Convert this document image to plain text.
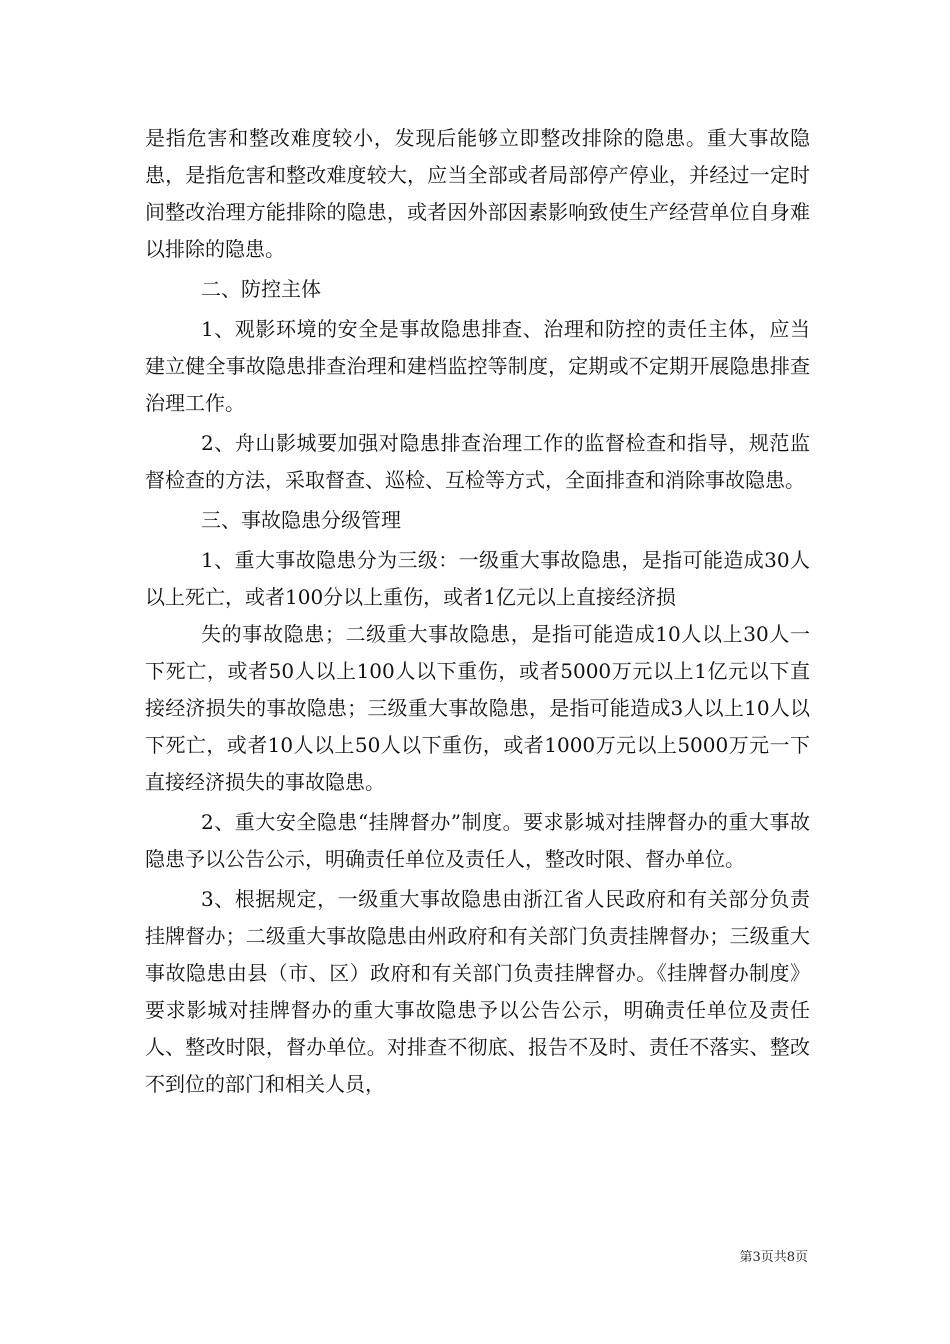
是指危害和整改难度较小，发现后能够立即整改排除的隐患。重大事故隐患，是指危害和整改难度较大，应当全部或者局部停产停业，并经过一定时间整改治理方能排除的隐患，或者因外部因素影响致使生产经营单位自身难以排除的隐患。

二、防控主体

1、观影环境的安全是事故隐患排查、治理和防控的责任主体，应当建立健全事故隐患排查治理和建档监控等制度，定期或不定期开展隐患排查治理工作。

2、舟山影城要加强对隐患排查治理工作的监督检查和指导，规范监督检查的方法，采取督查、巡检、互检等方式，全面排查和消除事故隐患。

三、事故隐患分级管理

1、重大事故隐患分为三级：一级重大事故隐患，是指可能造成30人以上死亡，或者100分以上重伤，或者1亿元以上直接经济损

失的事故隐患；二级重大事故隐患，是指可能造成10人以上30人一下死亡，或者50人以上100人以下重伤，或者5000万元以上1亿元以下直接经济损失的事故隐患；三级重大事故隐患，是指可能造成3人以上10人以下死亡，或者10人以上50人以下重伤，或者1000万元以上5000万元一下直接经济损失的事故隐患。

2、重大安全隐患“挂牌督办”制度。要求影城对挂牌督办的重大事故隐患予以公告公示，明确责任单位及责任人，整改时限、督办单位。

3、根据规定，一级重大事故隐患由浙江省人民政府和有关部分负责挂牌督办；二级重大事故隐患由州政府和有关部门负责挂牌督办；三级重大事故隐患由县（市、区）政府和有关部门负责挂牌督办。《挂牌督办制度》要求影城对挂牌督办的重大事故隐患予以公告公示，明确责任单位及责任人、整改时限，督办单位。对排查不彻底、报告不及时、责任不落实、整改不到位的部门和相关人员，

第3页共8页
